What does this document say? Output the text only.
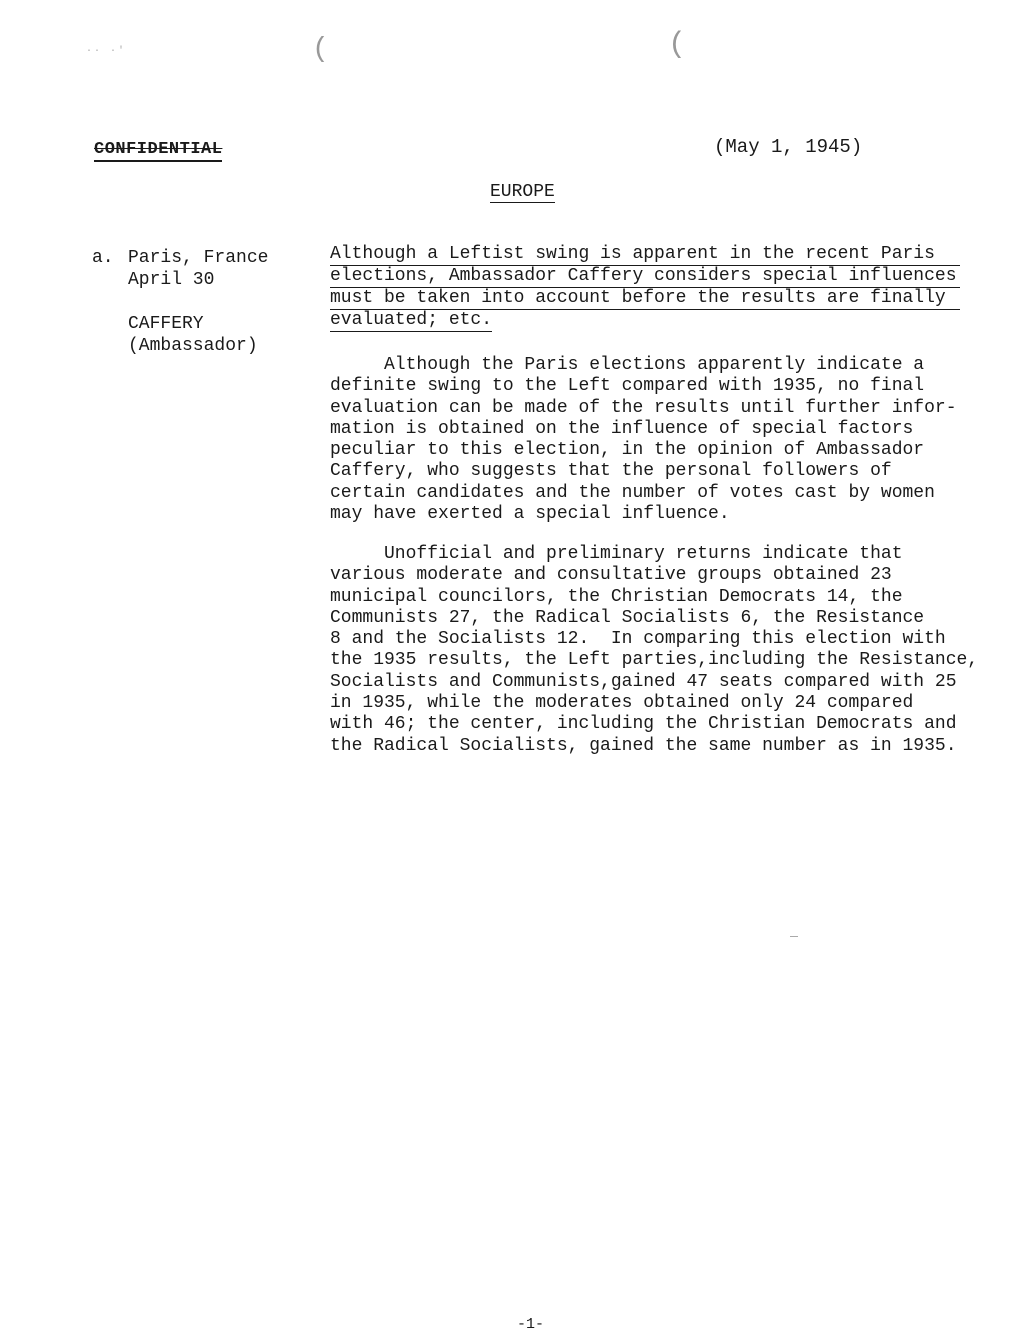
(	(
·· ·'
CONFIDENTIAL	(May 1, 1945)
EUROPE
a. Paris, France
April 30
CAFFERY
(Ambassador)
Although a Leftist swing is apparent in the recent Paris
elections, Ambassador Caffery considers special influences
must be taken into account before the results are finally
evaluated; etc.
Although the Paris elections apparently indicate a
definite swing to the Left compared with 1935, no final
evaluation can be made of the results until further infor-
mation is obtained on the influence of special factors
peculiar to this election, in the opinion of Ambassador
Caffery, who suggests that the personal followers of
certain candidates and the number of votes cast by women
may have exerted a special influence.
Unofficial and preliminary returns indicate that
various moderate and consultative groups obtained 23
municipal councilors, the Christian Democrats 14, the
Communists 27, the Radical Socialists 6, the Resistance
8 and the Socialists 12.  In comparing this election with
the 1935 results, the Left parties,including the Resistance,
Socialists and Communists,gained 47 seats compared with 25
in 1935, while the moderates obtained only 24 compared
with 46; the center, including the Christian Democrats and
the Radical Socialists, gained the same number as in 1935.
-1-
